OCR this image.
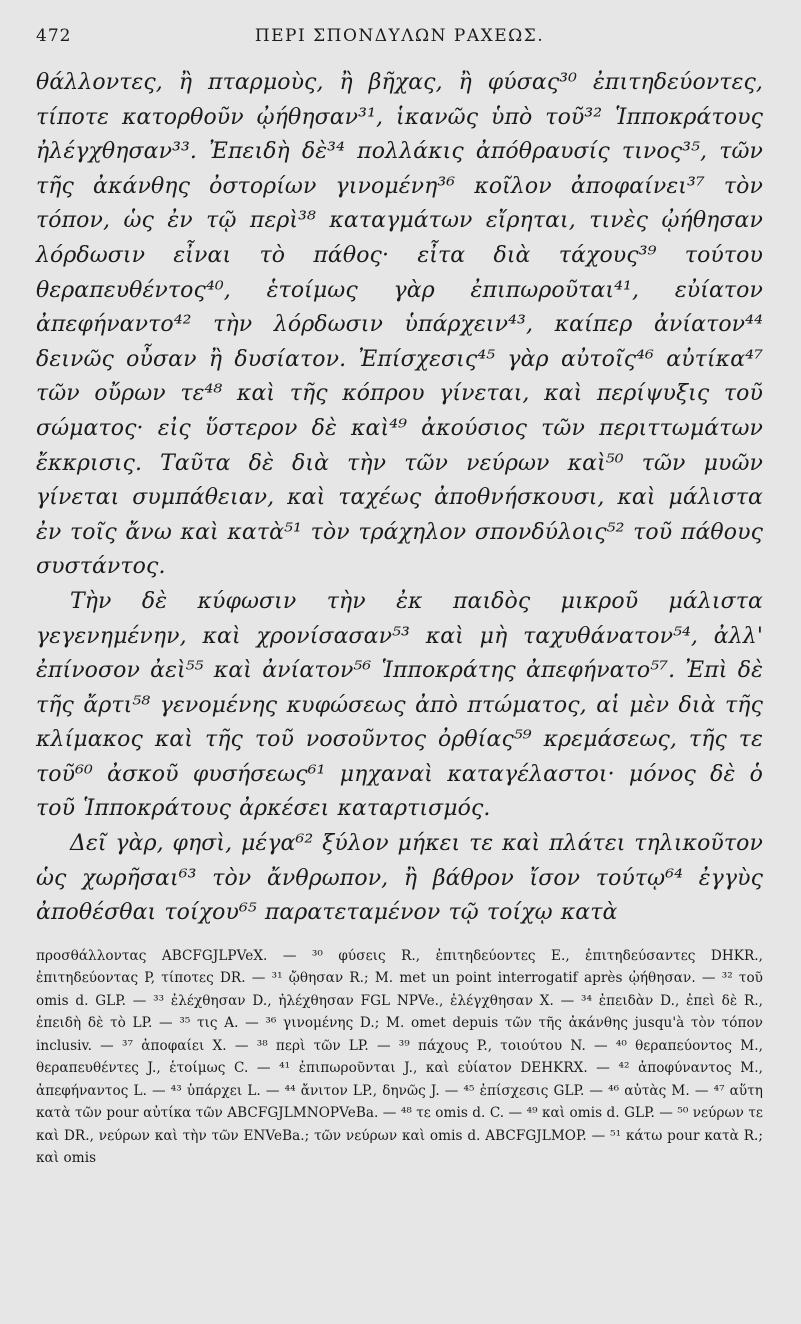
472	ΠΕΡΙ ΣΠΟΝΔΥΛΩΝ ΡΑΧΕΩΣ.

θάλλοντες, ἢ πταρμοὺς, ἢ βῆχας, ἢ φύσας³⁰ ἐπιτηδεύοντες, τίποτε κατορθοῦν ᾠήθησαν³¹, ἱκανῶς ὑπὸ τοῦ³² Ἱπποκράτους ἠλέγχθησαν³³. Ἐπειδὴ δὲ³⁴ πολλάκις ἀπόθραυσίς τινος³⁵, τῶν τῆς ἀκάνθης ὀστορίων γινομένη³⁶ κοῖλον ἀποφαίνει³⁷ τὸν τόπον, ὡς ἐν τῷ περὶ³⁸ καταγμάτων εἴρηται, τινὲς ᾠήθησαν λόρδωσιν εἶναι τὸ πάθος· εἶτα διὰ τάχους³⁹ τούτου θεραπευθέντος⁴⁰, ἑτοίμως γὰρ ἐπιπωροῦται⁴¹, εὐίατον ἀπεφήναντο⁴² τὴν λόρδωσιν ὑπάρχειν⁴³, καίπερ ἀνίατον⁴⁴ δεινῶς οὖσαν ἢ δυσίατον. Ἐπίσχεσις⁴⁵ γὰρ αὐτοῖς⁴⁶ αὐτίκα⁴⁷ τῶν οὔρων τε⁴⁸ καὶ τῆς κόπρου γίνεται, καὶ περίψυξις τοῦ σώματος· εἰς ὕστερον δὲ καὶ⁴⁹ ἀκούσιος τῶν περιττωμάτων ἔκκρισις. Ταῦτα δὲ διὰ τὴν τῶν νεύρων καὶ⁵⁰ τῶν μυῶν γίνεται συμπάθειαν, καὶ ταχέως ἀποθνήσκουσι, καὶ μάλιστα ἐν τοῖς ἄνω καὶ κατὰ⁵¹ τὸν τράχηλον σπονδύλοις⁵² τοῦ πάθους συστάντος.

Τὴν δὲ κύφωσιν τὴν ἐκ παιδὸς μικροῦ μάλιστα γεγενημένην, καὶ χρονίσασαν⁵³ καὶ μὴ ταχυθάνατον⁵⁴, ἀλλ' ἐπίνοσον ἀεὶ⁵⁵ καὶ ἀνίατον⁵⁶ Ἱπποκράτης ἀπεφήνατο⁵⁷. Ἐπὶ δὲ τῆς ἄρτι⁵⁸ γενομένης κυφώσεως ἀπὸ πτώματος, αἱ μὲν διὰ τῆς κλίμακος καὶ τῆς τοῦ νοσοῦντος ὀρθίας⁵⁹ κρεμάσεως, τῆς τε τοῦ⁶⁰ ἀσκοῦ φυσήσεως⁶¹ μηχαναὶ καταγέλαστοι· μόνος δὲ ὁ τοῦ Ἱπποκράτους ἀρκέσει καταρτισμός.

Δεῖ γὰρ, φησὶ, μέγα⁶² ξύλον μήκει τε καὶ πλάτει τηλικοῦτον ὡς χωρῆσαι⁶³ τὸν ἄνθρωπον, ἢ βάθρον ἴσον τούτῳ⁶⁴ ἐγγὺς ἀποθέσθαι τοίχου⁶⁵ παρατεταμένον τῷ τοίχῳ κατὰ

προσθάλλοντας ABCFGJLPVeX. — ³⁰ φύσεις R., ἐπιτηδεύοντες E., ἐπιτηδεύσαντες DHKR., ἐπιτηδεύοντας P, τίποτες DR. — ³¹ ᾤθησαν R.; M. met un point interrogatif après ᾠήθησαν. — ³² τοῦ omis d. GLP. — ³³ ἐλέχθησαν D., ἠλέχθησαν FGL NPVe., ἐλέγχθησαν X. — ³⁴ ἐπειδὰν D., ἐπεὶ δὲ R., ἐπειδὴ δὲ τὸ LP. — ³⁵ τις A. — ³⁶ γινομένης D.; M. omet depuis τῶν τῆς ἀκάνθης jusqu'à τὸν τόπον inclusiv. — ³⁷ ἀποφαίει X. — ³⁸ περὶ τῶν LP. — ³⁹ πάχους P., τοιούτου N. — ⁴⁰ θεραπεύοντος M., θεραπευθέντες J., ἑτοίμως C. — ⁴¹ ἐπιπωροῦνται J., καὶ εὐίατον DEHKRX. — ⁴² ἀποφύναντος M., ἀπεφήναντος L. — ⁴³ ὑπάρχει L. — ⁴⁴ ἄνιτον LP., δηνῶς J. — ⁴⁵ ἐπίσχεσις GLP. — ⁴⁶ αὐτὰς M. — ⁴⁷ αὕτη κατὰ τῶν pour αὐτίκα τῶν ABCFGJLMNOPVeBa. — ⁴⁸ τε omis d. C. — ⁴⁹ καὶ omis d. GLP. — ⁵⁰ νεύρων τε καὶ DR., νεύρων καὶ τὴν τῶν ENVeBa.; τῶν νεύρων καὶ omis d. ABCFGJLMOP. — ⁵¹ κάτω pour κατὰ R.; καὶ omis
